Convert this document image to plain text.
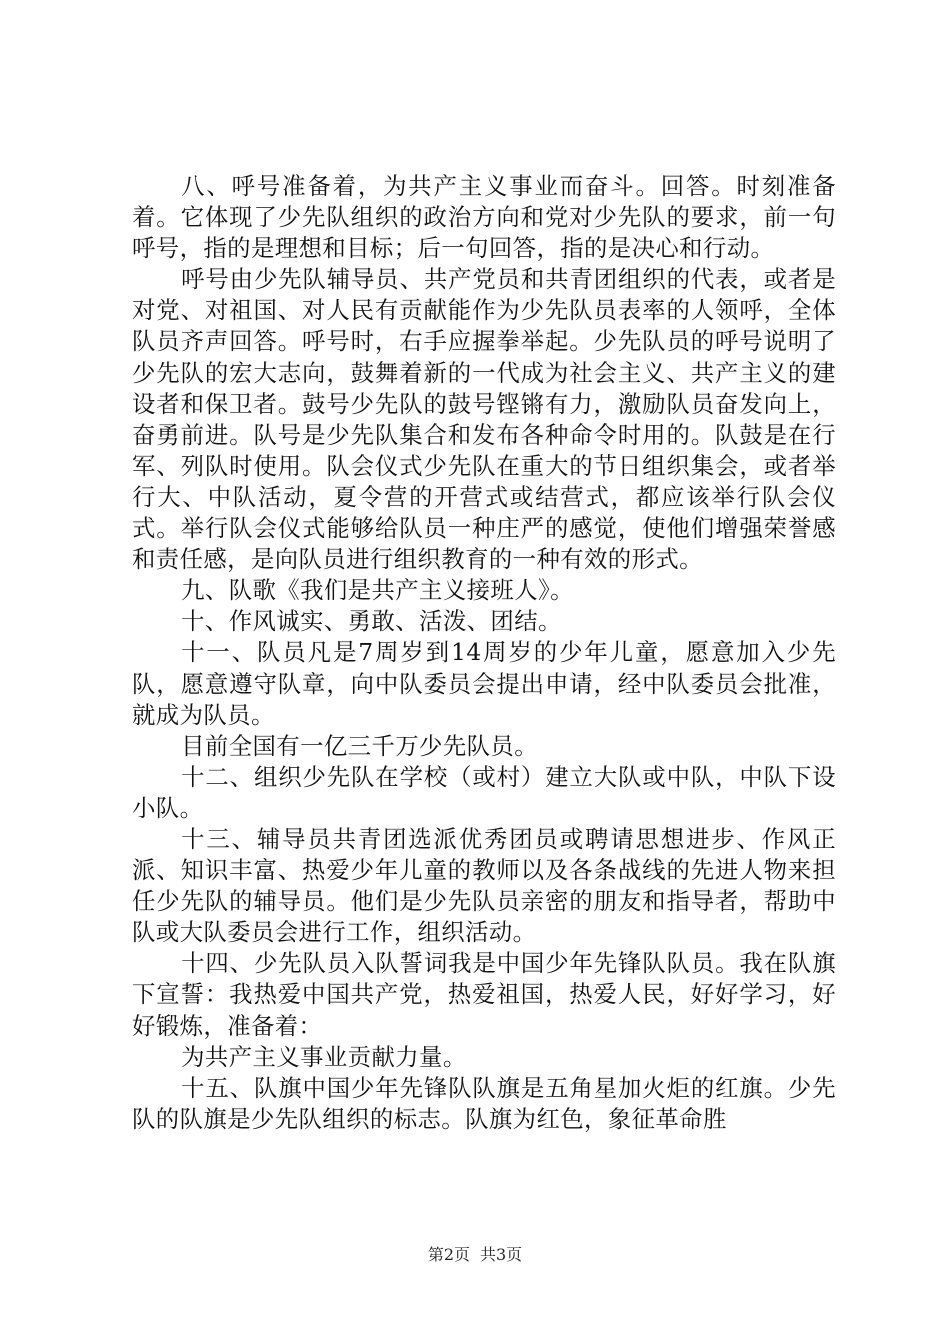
八、呼号准备着，为共产主义事业而奋斗。回答。时刻准备着。它体现了少先队组织的政治方向和党对少先队的要求，前一句呼号，指的是理想和目标；后一句回答，指的是决心和行动。

呼号由少先队辅导员、共产党员和共青团组织的代表，或者是对党、对祖国、对人民有贡献能作为少先队员表率的人领呼，全体队员齐声回答。呼号时，右手应握拳举起。少先队员的呼号说明了少先队的宏大志向，鼓舞着新的一代成为社会主义、共产主义的建设者和保卫者。鼓号少先队的鼓号铿锵有力，激励队员奋发向上，奋勇前进。队号是少先队集合和发布各种命令时用的。队鼓是在行军、列队时使用。队会仪式少先队在重大的节日组织集会，或者举行大、中队活动，夏令营的开营式或结营式，都应该举行队会仪式。举行队会仪式能够给队员一种庄严的感觉，使他们增强荣誉感和责任感，是向队员进行组织教育的一种有效的形式。

九、队歌《我们是共产主义接班人》。

十、作风诚实、勇敢、活泼、团结。

十一、队员凡是7周岁到14周岁的少年儿童，愿意加入少先队，愿意遵守队章，向中队委员会提出申请，经中队委员会批准，就成为队员。

目前全国有一亿三千万少先队员。

十二、组织少先队在学校（或村）建立大队或中队，中队下设小队。

十三、辅导员共青团选派优秀团员或聘请思想进步、作风正派、知识丰富、热爱少年儿童的教师以及各条战线的先进人物来担任少先队的辅导员。他们是少先队员亲密的朋友和指导者，帮助中队或大队委员会进行工作，组织活动。

十四、少先队员入队誓词我是中国少年先锋队队员。我在队旗下宣誓：我热爱中国共产党，热爱祖国，热爱人民，好好学习，好好锻炼，准备着：

为共产主义事业贡献力量。

十五、队旗中国少年先锋队队旗是五角星加火炬的红旗。少先队的队旗是少先队组织的标志。队旗为红色，象征革命胜

第2页 共3页
